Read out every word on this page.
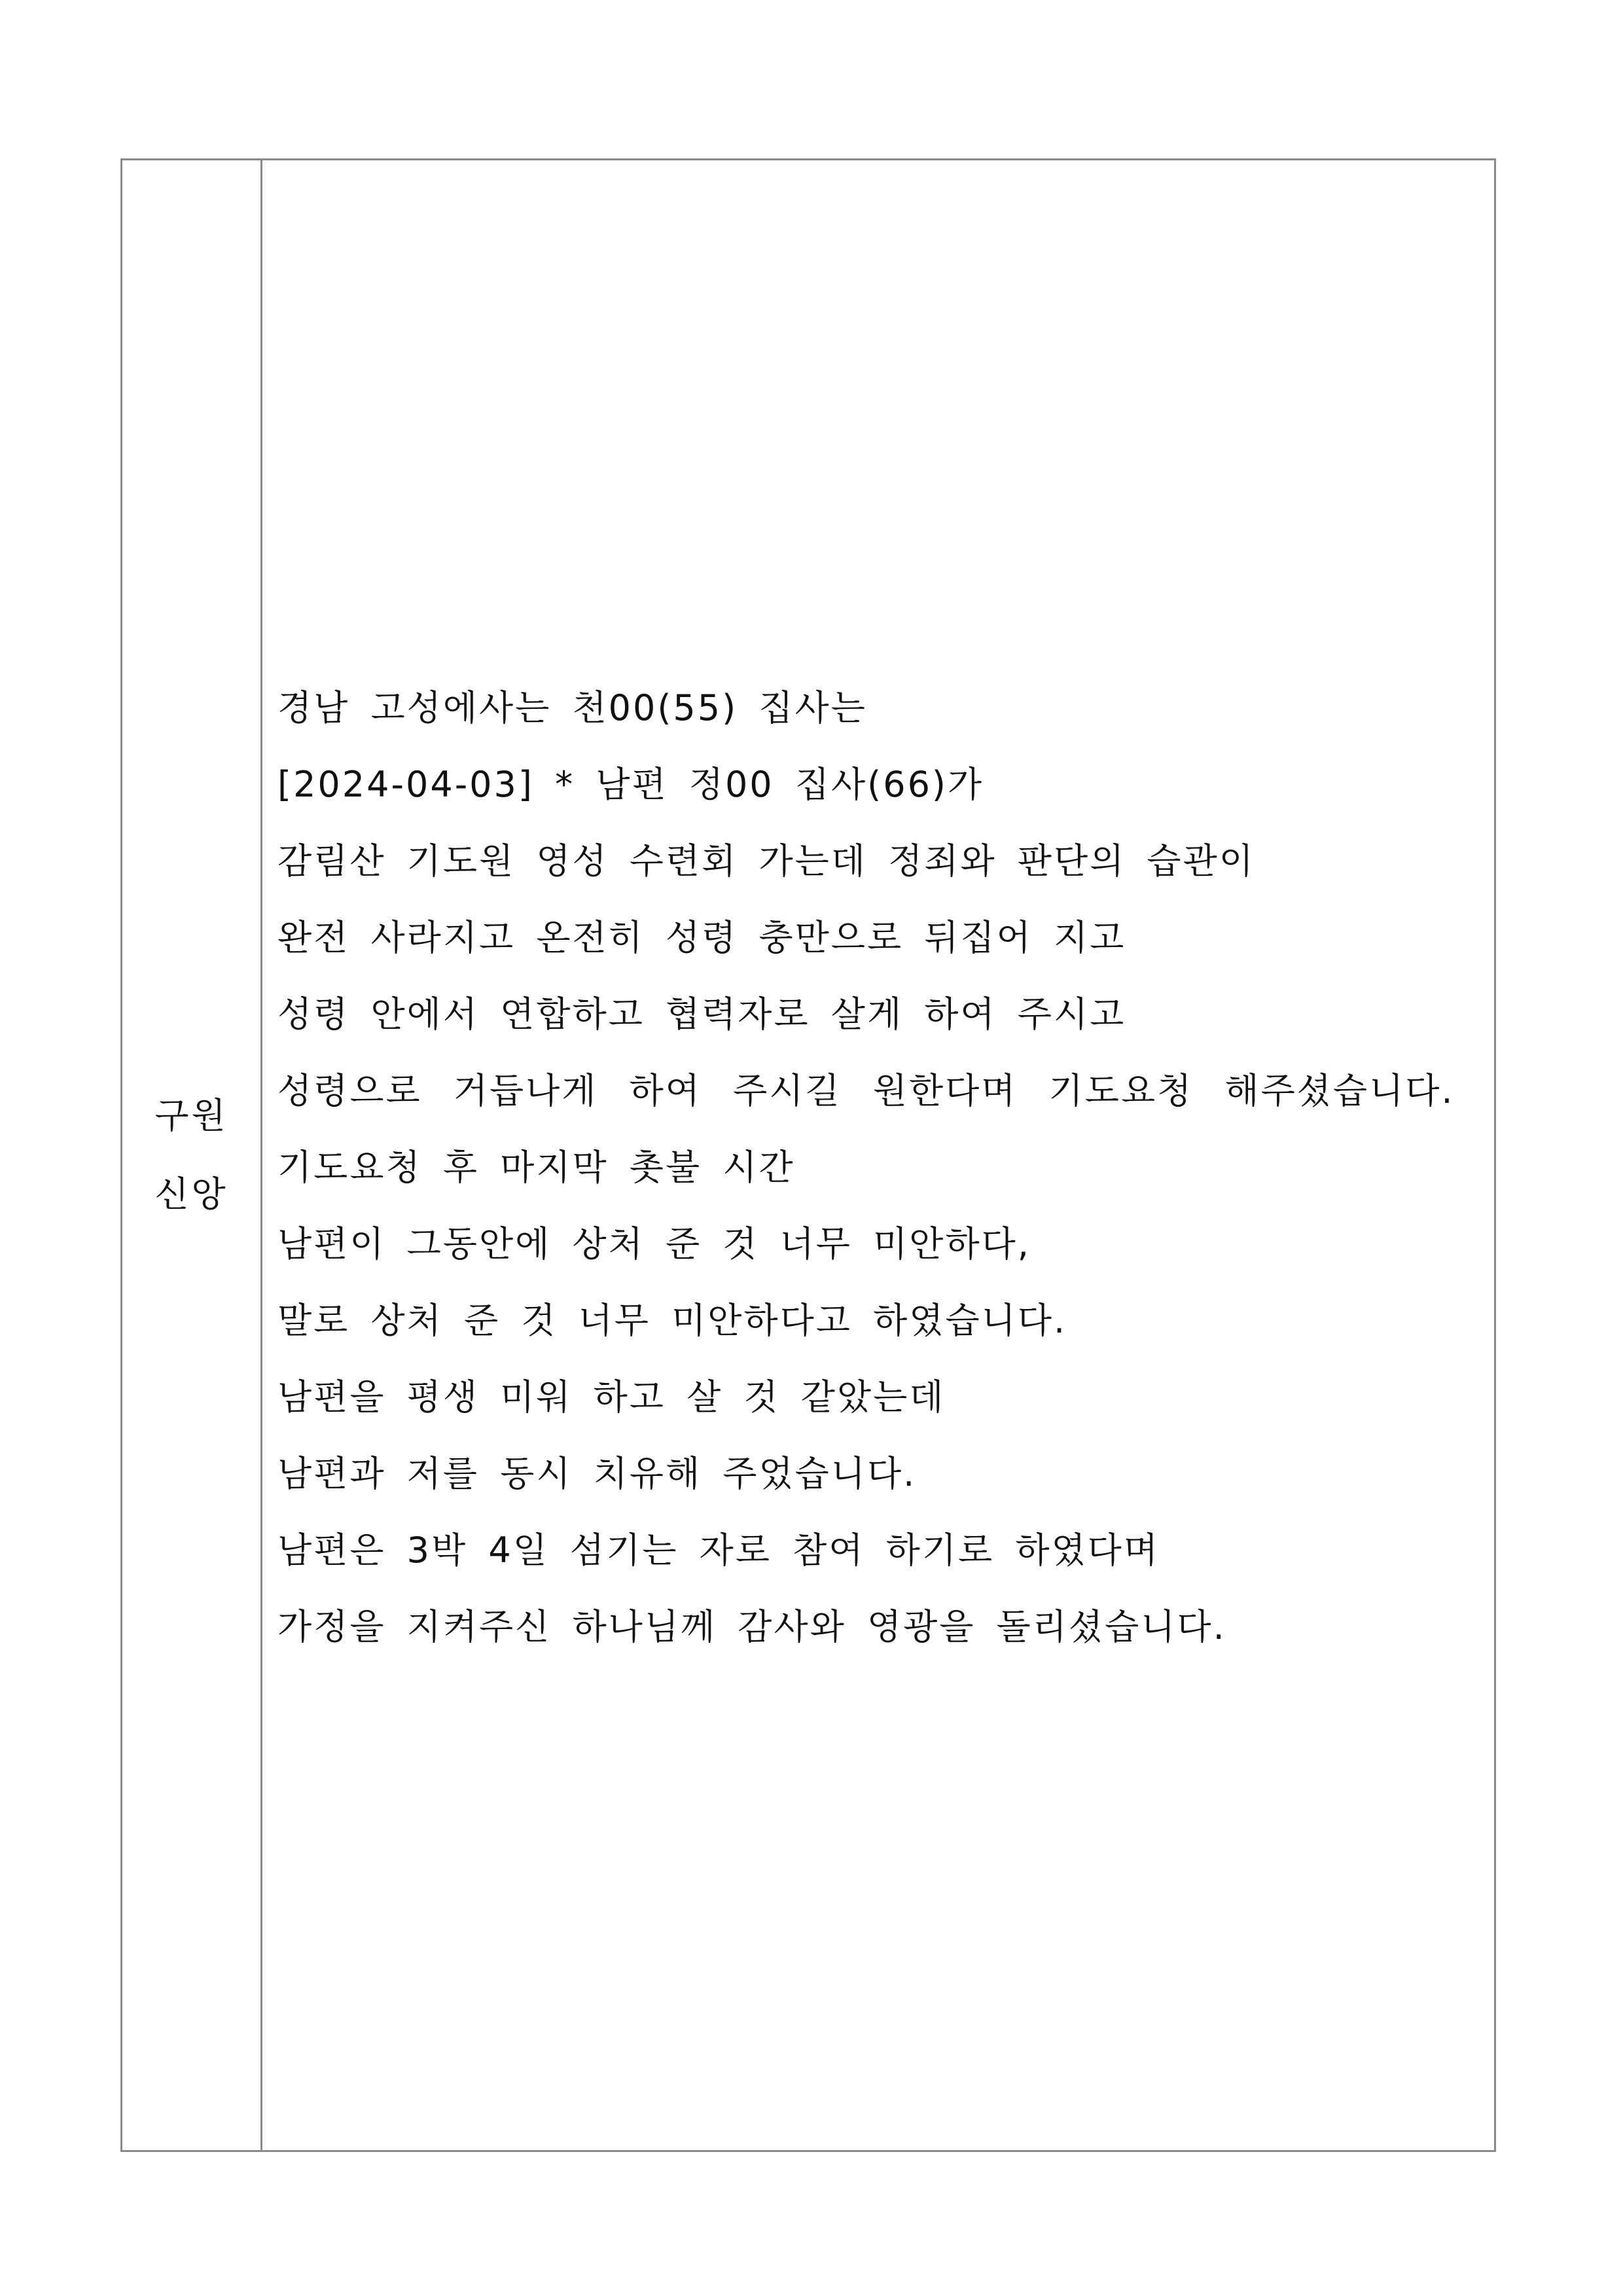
구원
신앙
경남 고성에사는 천00(55) 집사는
[2024-04-03] * 남편 정00 집사(66)가
감림산 기도원 영성 수련회 가는데 정죄와 판단의 습관이
완전 사라지고 온전히 성령 충만으로 뒤집어 지고
성령 안에서 연합하고 협력자로 살게 하여 주시고
성령으로 거듭나게 하여 주시길 원한다며 기도요청 해주셨습니다.
기도요청 후 마지막 촛불 시간
남편이 그동안에 상처 준 것 너무 미안하다,
말로 상처 준 것 너무 미안하다고 하였습니다.
남편을 평생 미워 하고 살 것 같았는데
남편과 저를 동시 치유해 주었습니다.
남편은 3박 4일 섬기는 자로 참여 하기로 하였다며
가정을 지켜주신 하나님께 감사와 영광을 돌리셨습니다.
